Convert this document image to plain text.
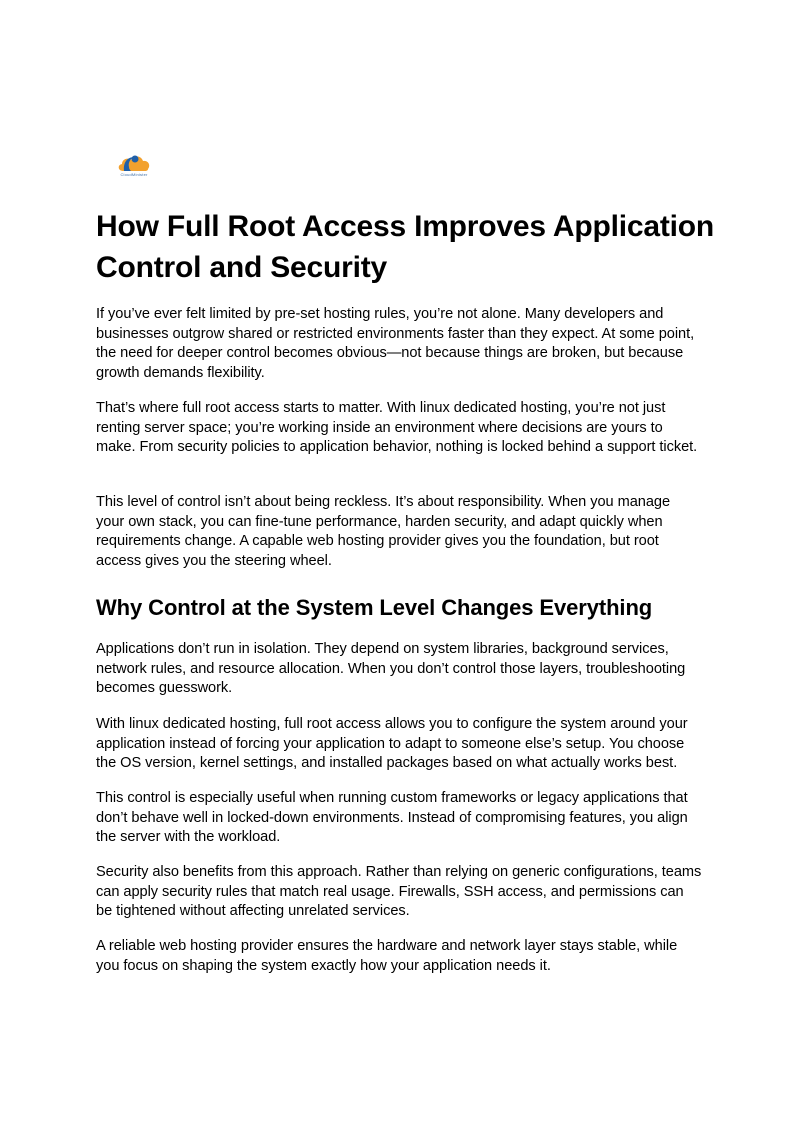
CloudMinister
How Full Root Access Improves Application Control and Security

If you’ve ever felt limited by pre-set hosting rules, you’re not alone. Many developers and businesses outgrow shared or restricted environments faster than they expect. At some point, the need for deeper control becomes obvious—not because things are broken, but because growth demands flexibility.

That’s where full root access starts to matter. With linux dedicated hosting, you’re not just renting server space; you’re working inside an environment where decisions are yours to make. From security policies to application behavior, nothing is locked behind a support ticket.

This level of control isn’t about being reckless. It’s about responsibility. When you manage your own stack, you can fine-tune performance, harden security, and adapt quickly when requirements change. A capable web hosting provider gives you the foundation, but root access gives you the steering wheel.

Why Control at the System Level Changes Everything

Applications don’t run in isolation. They depend on system libraries, background services, network rules, and resource allocation. When you don’t control those layers, troubleshooting becomes guesswork.

With linux dedicated hosting, full root access allows you to configure the system around your application instead of forcing your application to adapt to someone else’s setup. You choose the OS version, kernel settings, and installed packages based on what actually works best.

This control is especially useful when running custom frameworks or legacy applications that don’t behave well in locked-down environments. Instead of compromising features, you align the server with the workload.

Security also benefits from this approach. Rather than relying on generic configurations, teams can apply security rules that match real usage. Firewalls, SSH access, and permissions can be tightened without affecting unrelated services.

A reliable web hosting provider ensures the hardware and network layer stays stable, while you focus on shaping the system exactly how your application needs it.
